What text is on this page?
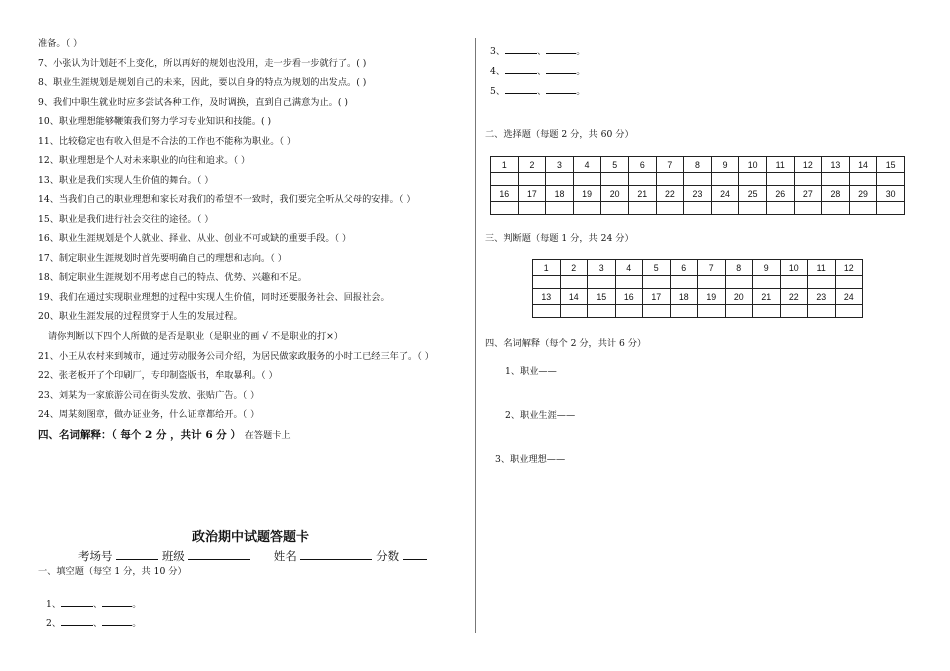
准备。（ ）
7、小张认为计划赶不上变化，所以再好的规划也没用，走一步看一步就行了。( )
8、职业生涯规划是规划自己的未来，因此，要以自身的特点为规划的出发点。( )
9、我们中职生就业时应多尝试各种工作，及时调换，直到自己满意为止。( )
10、职业理想能够鞭策我们努力学习专业知识和技能。( )
11、比较稳定也有收入但是不合法的工作也不能称为职业。（ ）
12、职业理想是个人对未来职业的向往和追求。（ ）
13、职业是我们实现人生价值的舞台。（ ）
14、当我们自己的职业理想和家长对我们的希望不一致时，我们要完全听从父母的安排。（ ）
15、职业是我们进行社会交往的途径。（ ）
16、职业生涯规划是个人就业、择业、从业、创业不可或缺的重要手段。（ ）
17、制定职业生涯规划时首先要明确自己的理想和志向。（ ）
18、制定职业生涯规划不用考虑自己的特点、优势、兴趣和不足。
19、我们在通过实现职业理想的过程中实现人生价值，同时还要服务社会、回报社会。
20、职业生涯发展的过程贯穿于人生的发展过程。
请你判断以下四个人所做的是否是职业（是职业的画 √ 不是职业的打×）
21、小王从农村来到城市，通过劳动服务公司介绍，为居民做家政服务的小时工已经三年了。（ ）
22、张老板开了个印刷厂，专印制盗版书，牟取暴利。（ ）
23、刘某为一家旅游公司在街头发放、张贴广告。（ ）
24、周某刻图章，做办证业务，什么证章都给开。（ ）
四、名词解释：（ 每个 2 分 ，共计 6 分 ） 在答题卡上
政治期中试题答题卡
考场号	班级	姓名	分数
一、填空题（每空 1 分，共 10 分）
1、	、	。
2、	、	。
3、	、	。
4、	、	。
5、	、	。
二、选择题（每题 2 分，共 60 分）
1	2	3	4	5	6	7	8	9	10	11	12	13	14	15

16	17	18	19	20	21	22	23	24	25	26	27	28	29	30

三、判断题（每题 1 分，共 24 分）
1	2	3	4	5	6	7	8	9	10	11	12

13	14	15	16	17	18	19	20	21	22	23	24

四、名词解释（每个 2 分，共计 6 分）
1、职业——
2、职业生涯——
3、职业理想——
